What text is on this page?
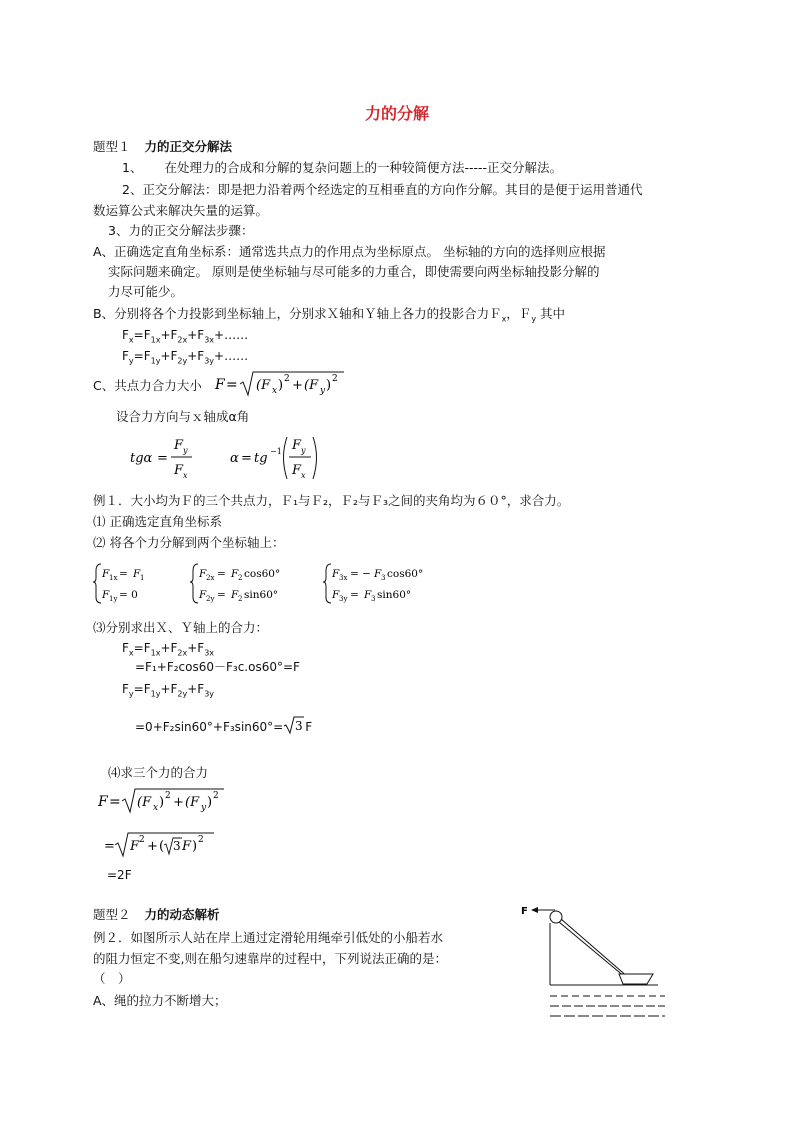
力的分解
题型１ 力的正交分解法
1、 在处理力的合成和分解的复杂问题上的一种较简便方法-----正交分解法。
2、正交分解法：即是把力沿着两个经选定的互相垂直的方向作分解。其目的是便于运用普通代
数运算公式来解决矢量的运算。
3、力的正交分解法步骤：
A、正确选定直角坐标系：通常选共点力的作用点为坐标原点。 坐标轴的方向的选择则应根据
实际问题来确定。 原则是使坐标轴与尽可能多的力重合，即使需要向两坐标轴投影分解的
力尽可能少。
B、分别将各个力投影到坐标轴上，分别求Ｘ轴和Ｙ轴上各力的投影合力Ｆ$_x$，Ｆ$_y$ 其中
$F_x=F_{1x}+F_{2x}+F_{3x}+\dots\dots$
$F_y=F_{1y}+F_{2y}+F_{3y}+\dots\dots$
C、共点力合力大小 F = (F x ) 2 + (F y ) 2
设合力方向与ｘ轴成α角
tgα =
F y
F x
α = tg −1 F y
F x
例１．大小均为Ｆ的三个共点力，Ｆ₁与Ｆ₂，Ｆ₂与Ｆ₃之间的夹角均为６０°，求合力。
⑴ 正确选定直角坐标系
⑵ 将各个力分解到两个坐标轴上：
F 1x = F 1
F 1y = 0
F 2x = F 2 cos60°
F 2y = F 2 sin60°
F 3x = − F 3 cos60°
F 3y = F 3 sin60°
⑶分别求出Ｘ、Ｙ轴上的合力：
$F_x=F_{1x}+F_{2x}+F_{3x}$
=F₁+F₂cos60－F₃c.os60°=F
$F_y=F_{1y}+F_{2y}+F_{3y}$
=0+F₂sin60°+F₃sin60°= 3 F
⑷求三个力的合力
F = (F x ) 2 + (F y ) 2
= F 2 + ( 3 F ) 2
=2F
题型２ 力的动态解析
例２．如图所示人站在岸上通过定滑轮用绳牵引低处的小船若水
的阻力恒定不变,则在船匀速靠岸的过程中，下列说法正确的是：
（　）
A、绳的拉力不断增大；
F
